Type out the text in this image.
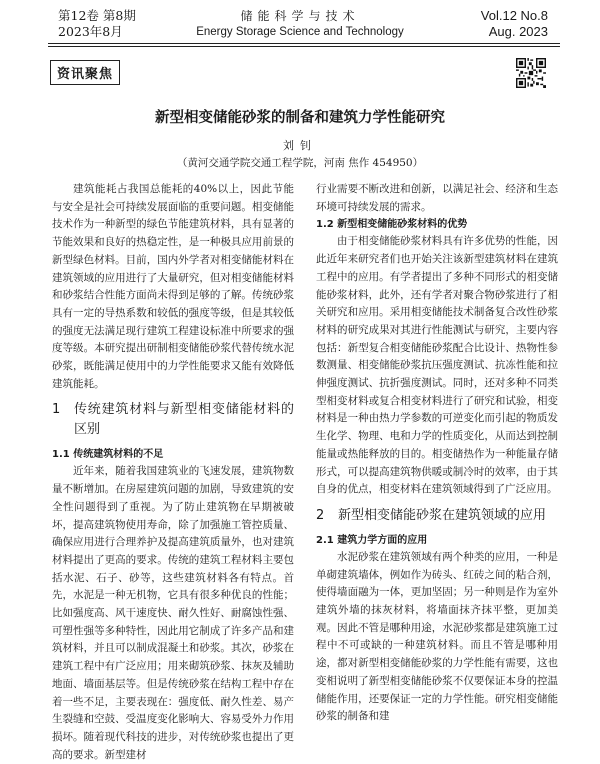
第12卷 第8期
2023年8月
储能科学与技术
Energy Storage Science and Technology
Vol.12 No.8
Aug. 2023
资讯聚焦
新型相变储能砂浆的制备和建筑力学性能研究
刘钊
（黄河交通学院交通工程学院，河南 焦作 454950）

建筑能耗占我国总能耗的40%以上，因此节能与安全是社会可持续发展面临的重要问题。相变储能技术作为一种新型的绿色节能建筑材料，具有显著的节能效果和良好的热稳定性，是一种极具应用前景的新型绿色材料。目前，国内外学者对相变储能材料在建筑领域的应用进行了大量研究，但对相变储能材料和砂浆结合性能方面尚未得到足够的了解。传统砂浆具有一定的导热系数和较低的强度等级，但是其较低的强度无法满足现行建筑工程建设标准中所要求的强度等级。本研究提出研制相变储能砂浆代替传统水泥砂浆，既能满足使用中的力学性能要求又能有效降低建筑能耗。

1	传统建筑材料与新型相变储能材料的区别
1.1 传统建筑材料的不足

近年来，随着我国建筑业的飞速发展，建筑物数量不断增加。在房屋建筑问题的加剧，导致建筑的安全性问题得到了重视。为了防止建筑物在早期被破坏，提高建筑物使用寿命，除了加强施工管控质量、确保应用进行合理养护及提高建筑质量外，也对建筑材料提出了更高的要求。传统的建筑工程材料主要包括水泥、石子、砂等，这些建筑材料各有特点。首先，水泥是一种无机物，它具有很多种优良的性能；比如强度高、风干速度快、耐久性好、耐腐蚀性强、可塑性强等多种特性，因此用它制成了许多产品和建筑材料，并且可以制成混凝土和砂浆。其次，砂浆在建筑工程中有广泛应用；用来砌筑砂浆、抹灰及辅助地面、墙面基层等。但是传统砂浆在结构工程中存在着一些不足，主要表现在：强度低、耐久性差、易产生裂缝和空鼓、受温度变化影响大、容易受外力作用损坏。随着现代科技的进步，对传统砂浆也提出了更高的要求。新型建材

行业需要不断改进和创新，以满足社会、经济和生态环境可持续发展的需求。

1.2 新型相变储能砂浆材料的优势

由于相变储能砂浆材料具有许多优势的性能，因此近年来研究者们也开始关注该新型建筑材料在建筑工程中的应用。有学者提出了多种不同形式的相变储能砂浆材料，此外，还有学者对聚合物砂浆进行了相关研究和应用。采用相变储能技术制备复合改性砂浆材料的研究成果对其进行性能测试与研究，主要内容包括：新型复合相变储能砂浆配合比设计、热物性参数测量、相变储能砂浆抗压强度测试、抗冻性能和拉伸强度测试、抗折强度测试。同时，还对多种不同类型相变材料或复合相变材料进行了研究和试验，相变材料是一种由热力学参数的可逆变化而引起的物质发生化学、物理、电和力学的性质变化，从而达到控制能量或热能释放的目的。相变储热作为一种能量存储形式，可以提高建筑物供暖或制冷时的效率，由于其自身的优点，相变材料在建筑领域得到了广泛应用。

2	新型相变储能砂浆在建筑领域的应用
2.1 建筑力学方面的应用

水泥砂浆在建筑领域有两个种类的应用，一种是单砌建筑墙体，例如作为砖头、红砖之间的粘合剂，使得墙面融为一体，更加坚固；另一种则是作为室外建筑外墙的抹灰材料，将墙面抹齐抹平整，更加美观。因此不管是哪种用途，水泥砂浆都是建筑施工过程中不可或缺的一种建筑材料。而且不管是哪种用途，都对新型相变储能砂浆的力学性能有需要，这也变相说明了新型相变储能砂浆不仅要保证本身的控温储能作用，还要保证一定的力学性能。研究相变储能砂浆的制备和建
